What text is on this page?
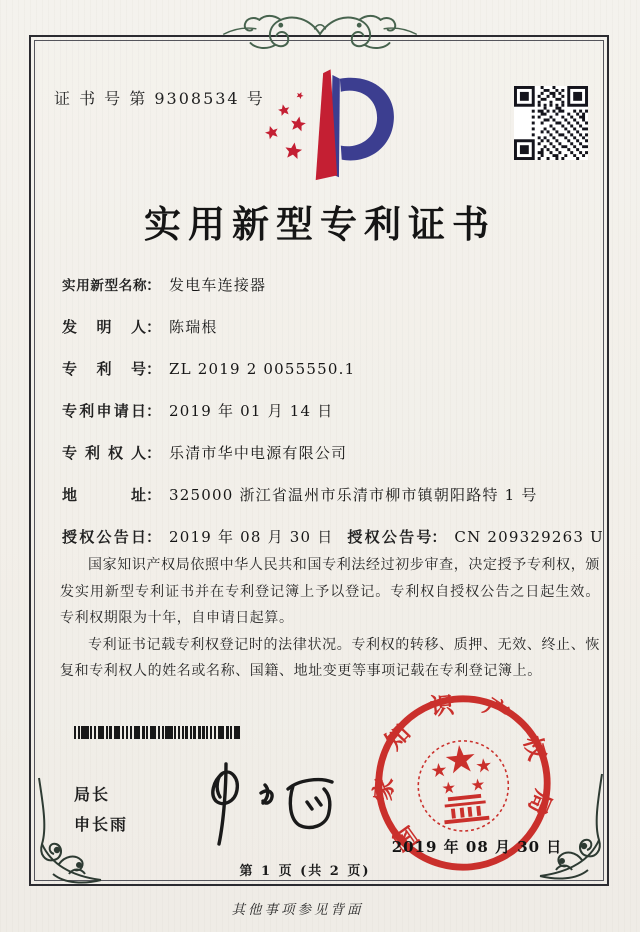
证 书 号 第 9308534 号
实用新型专利证书
实用新型名称 ： 发电车连接器
发明人 ： 陈瑞根
专利号 ： ZL 2019 2 0055550.1
专利申请日 ： 2019 年 01 月 14 日
专利权人 ： 乐清市华中电源有限公司
地址 ： 325000 浙江省温州市乐清市柳市镇朝阳路特 1 号
授权公告日 ： 2019 年 08 月 30 日 授权公告号 ： CN 209329263 U

国家知识产权局依照中华人民共和国专利法经过初步审查，决定授予专利权，颁发实用新型专利证书并在专利登记簿上予以登记。专利权自授权公告之日起生效。专利权期限为十年，自申请日起算。

专利证书记载专利权登记时的法律状况。专利权的转移、质押、无效、终止、恢复和专利权人的姓名或名称、国籍、地址变更等事项记载在专利登记簿上。

局长
申长雨	国家知识产权局
2019 年 08 月 30 日
第 1 页 (共 2 页)
其他事项参见背面
